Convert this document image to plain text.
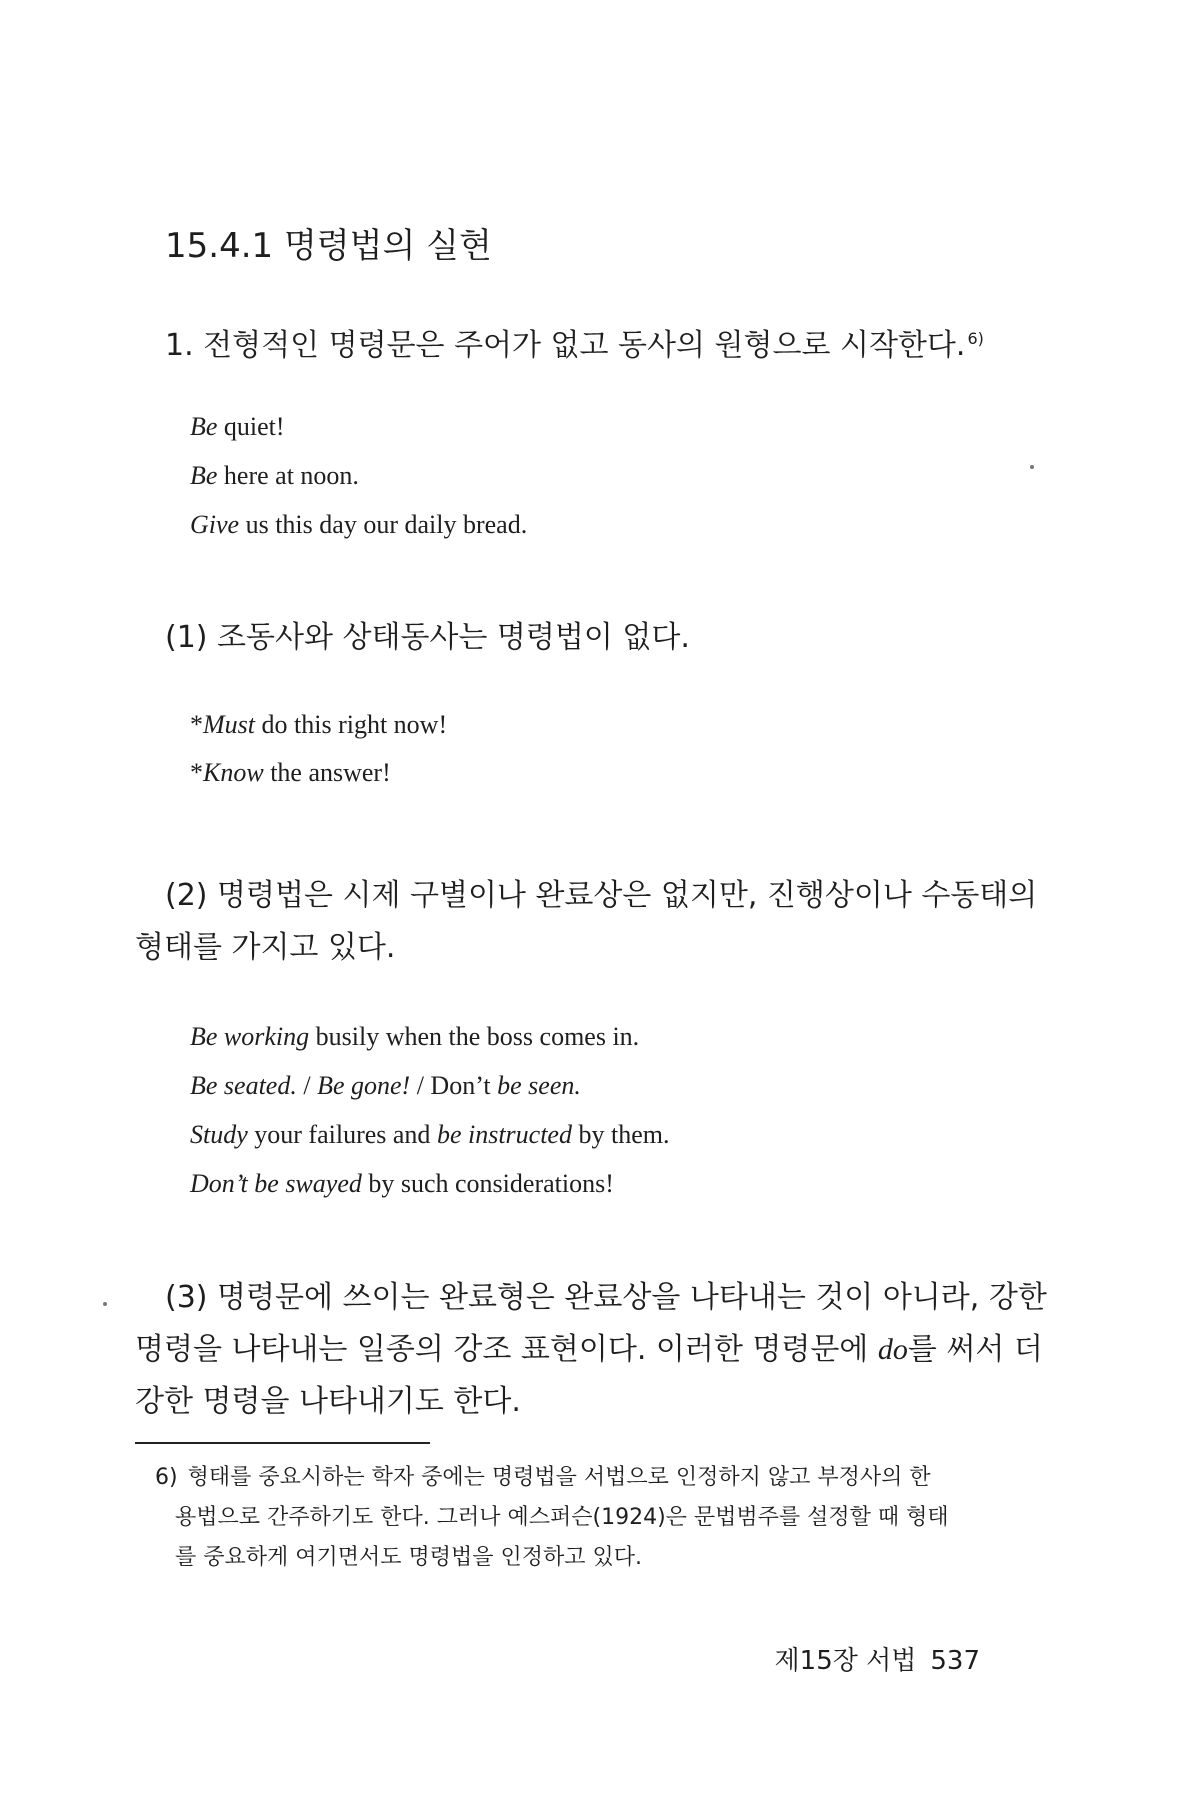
15.4.1 명령법의 실현
1. 전형적인 명령문은 주어가 없고 동사의 원형으로 시작한다. $^{6)}$
Be quiet!
Be here at noon.
Give us this day our daily bread.
(1) 조동사와 상태동사는 명령법이 없다.
*Must do this right now!
*Know the answer!
(2) 명령법은 시제 구별이나 완료상은 없지만, 진행상이나 수동태의
형태를 가지고 있다.
Be working busily when the boss comes in.
Be seated. / Be gone! / Don’t be seen.
Study your failures and be instructed by them.
Don’t be swayed by such considerations!
(3) 명령문에 쓰이는 완료형은 완료상을 나타내는 것이 아니라, 강한
명령을 나타내는 일종의 강조 표현이다. 이러한 명령문에 do를 써서 더
강한 명령을 나타내기도 한다.
6) 형태를 중요시하는 학자 중에는 명령법을 서법으로 인정하지 않고 부정사의 한
용법으로 간주하기도 한다. 그러나 예스퍼슨(1924)은 문법범주를 설정할 때 형태
를 중요하게 여기면서도 명령법을 인정하고 있다.
제15장 서법 537
